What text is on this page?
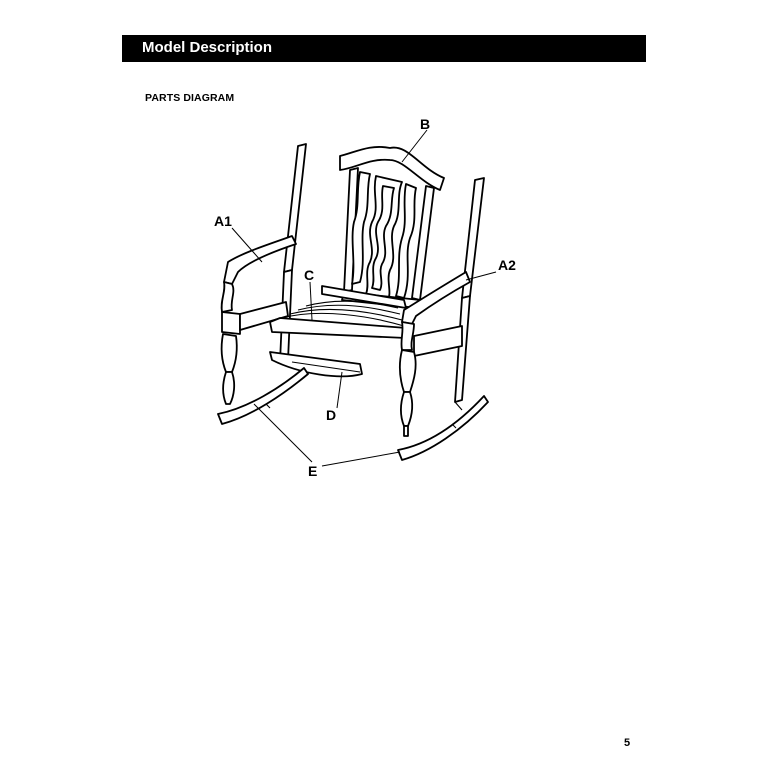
Model Description
PARTS DIAGRAM
B
A1
A2
C
D
E
5
